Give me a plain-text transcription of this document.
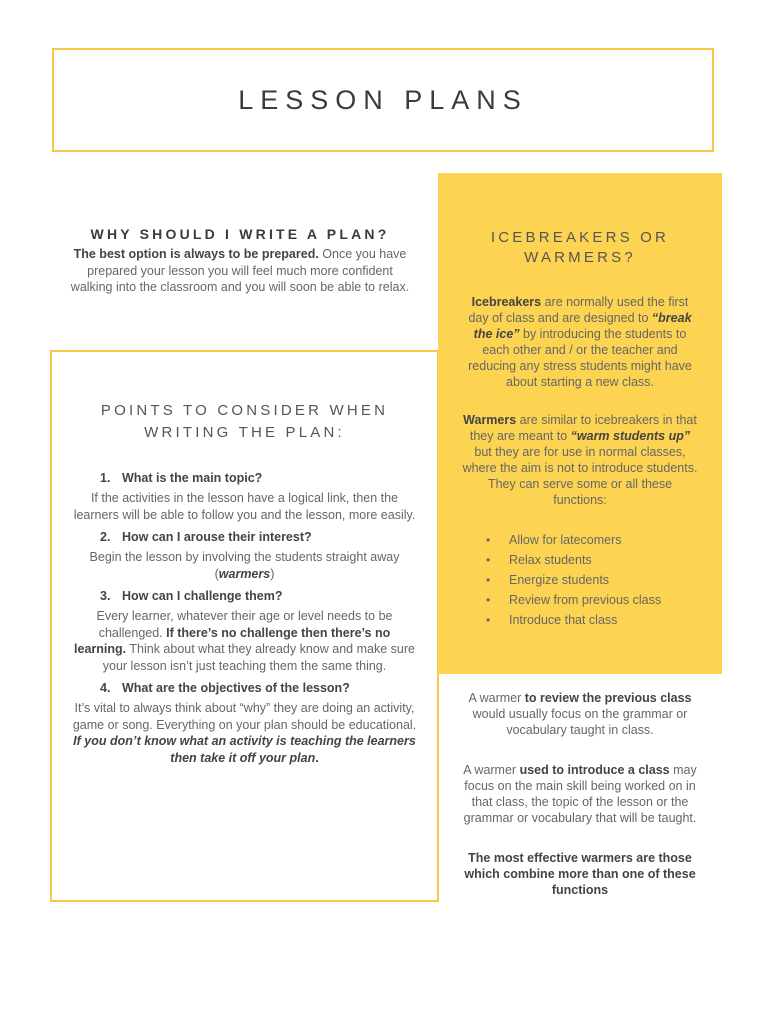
LESSON PLANS
WHY SHOULD I WRITE A PLAN?

The best option is always to be prepared. Once you have prepared your lesson you will feel much more confident walking into the classroom and you will soon be able to relax.

POINTS TO CONSIDER WHEN
WRITING THE PLAN:

1. What is the main topic?

If the activities in the lesson have a logical link, then the learners will be able to follow you and the lesson, more easily.

2. How can I arouse their interest?

Begin the lesson by involving the students straight away (warmers)

3. How can I challenge them?

Every learner, whatever their age or level needs to be challenged. If there’s no challenge then there’s no learning. Think about what they already know and make sure your lesson isn’t just teaching them the same thing.

4. What are the objectives of the lesson?

It’s vital to always think about “why” they are doing an activity, game or song. Everything on your plan should be educational. If you don’t know what an activity is teaching the learners then take it off your plan.

ICEBREAKERS OR
WARMERS?

Icebreakers are normally used the first day of class and are designed to “break the ice” by introducing the students to each other and / or the teacher and reducing any stress students might have about starting a new class.

Warmers are similar to icebreakers in that they are meant to “warm students up” but they are for use in normal classes, where the aim is not to introduce students. They can serve some or all these functions:

• Allow for latecomers
• Relax students
• Energize students
• Review from previous class
• Introduce that class

A warmer to review the previous class would usually focus on the grammar or vocabulary taught in class.

A warmer used to introduce a class may focus on the main skill being worked on in that class, the topic of the lesson or the grammar or vocabulary that will be taught.

The most effective warmers are those which combine more than one of these functions
